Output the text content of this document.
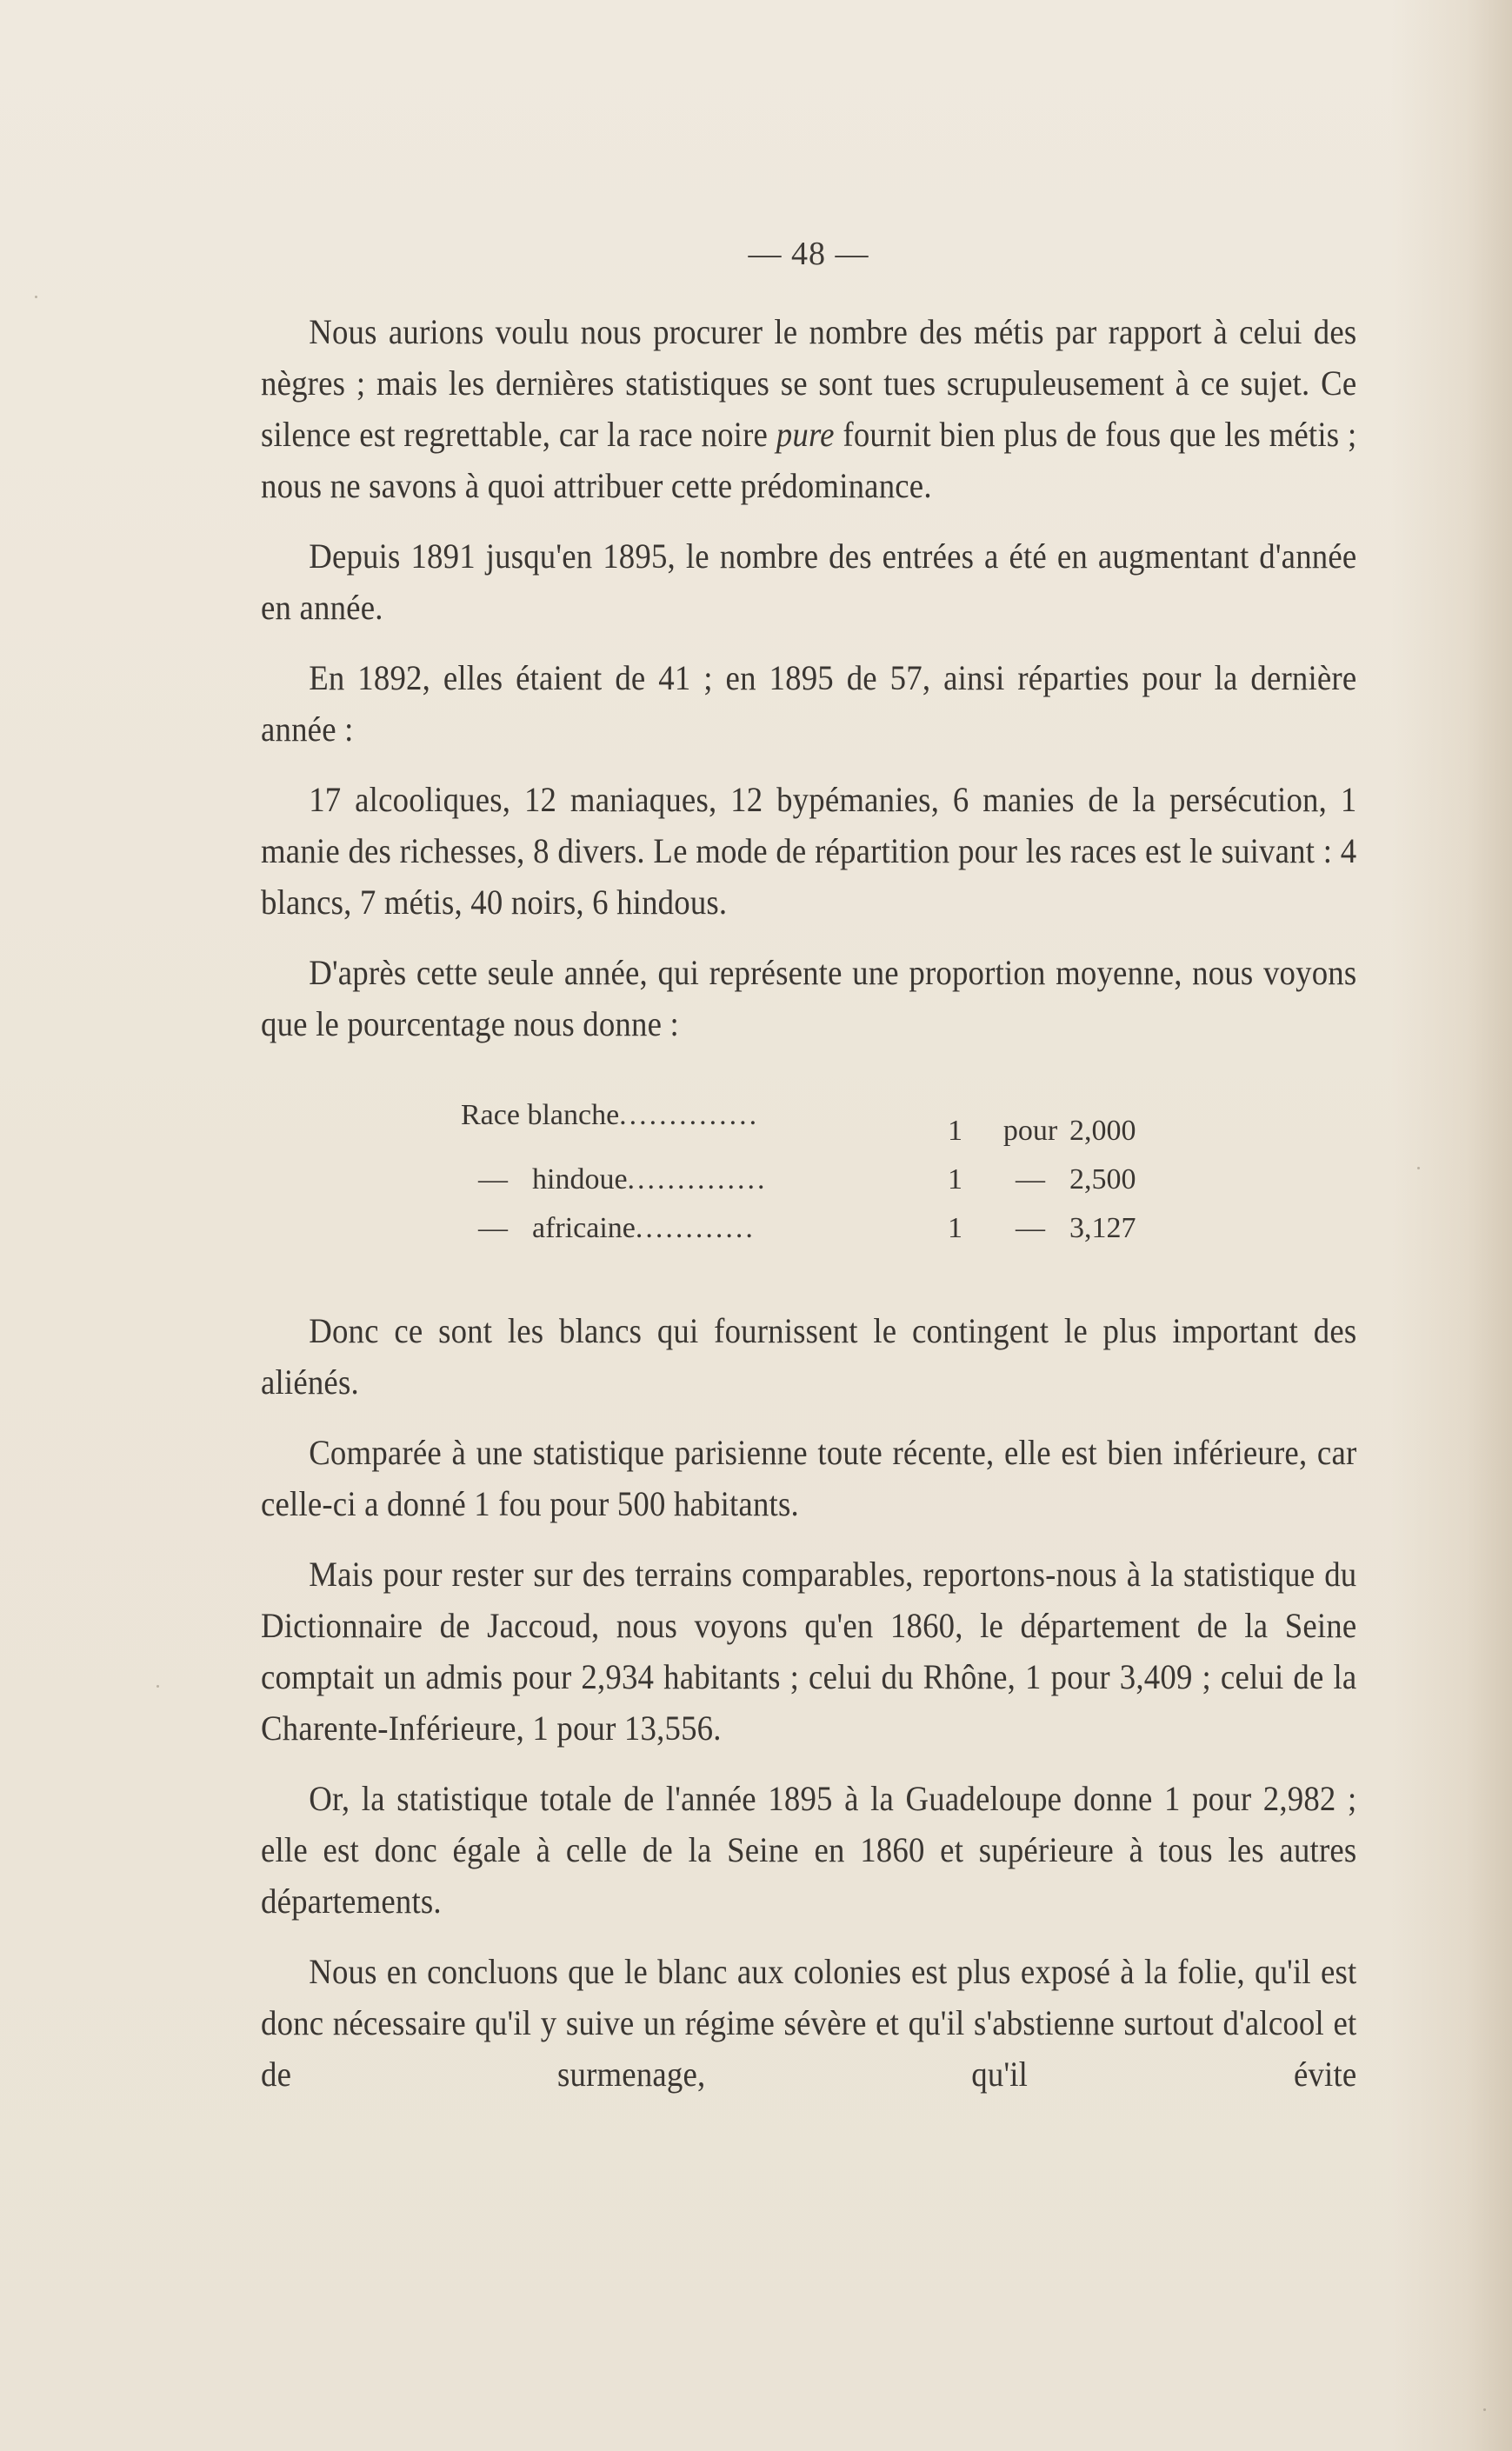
— 48 —

Nous aurions voulu nous procurer le nombre des métis par rapport à celui des nègres ; mais les dernières statistiques se sont tues scrupuleusement à ce sujet. Ce silence est regrettable, car la race noire pure fournit bien plus de fous que les métis ; nous ne savons à quoi attribuer cette prédominance.

Depuis 1891 jusqu'en 1895, le nombre des entrées a été en augmentant d'année en année.

En 1892, elles étaient de 41 ; en 1895 de 57, ainsi réparties pour la dernière année :

17 alcooliques, 12 maniaques, 12 bypémanies, 6 manies de la persécution, 1 manie des richesses, 8 divers. Le mode de répartition pour les races est le suivant : 4 blancs, 7 métis, 40 noirs, 6 hindous.

D'après cette seule année, qui représente une proportion moyenne, nous voyons que le pourcentage nous donne :

Race blanche ..............	1	pour 2,000
— hindoue ..............	1	— 2,500
— africaine ............	1	— 3,127

Donc ce sont les blancs qui fournissent le contingent le plus important des aliénés.

Comparée à une statistique parisienne toute récente, elle est bien inférieure, car celle-ci a donné 1 fou pour 500 habitants.

Mais pour rester sur des terrains comparables, reportons-nous à la statistique du Dictionnaire de Jaccoud, nous voyons qu'en 1860, le département de la Seine comptait un admis pour 2,934 habitants ; celui du Rhône, 1 pour 3,409 ; celui de la Charente-Inférieure, 1 pour 13,556.

Or, la statistique totale de l'année 1895 à la Guadeloupe donne 1 pour 2,982 ; elle est donc égale à celle de la Seine en 1860 et supérieure à tous les autres départements.

Nous en concluons que le blanc aux colonies est plus exposé à la folie, qu'il est donc nécessaire qu'il y suive un régime sévère et qu'il s'abstienne surtout d'alcool et de surmenage, qu'il évite
